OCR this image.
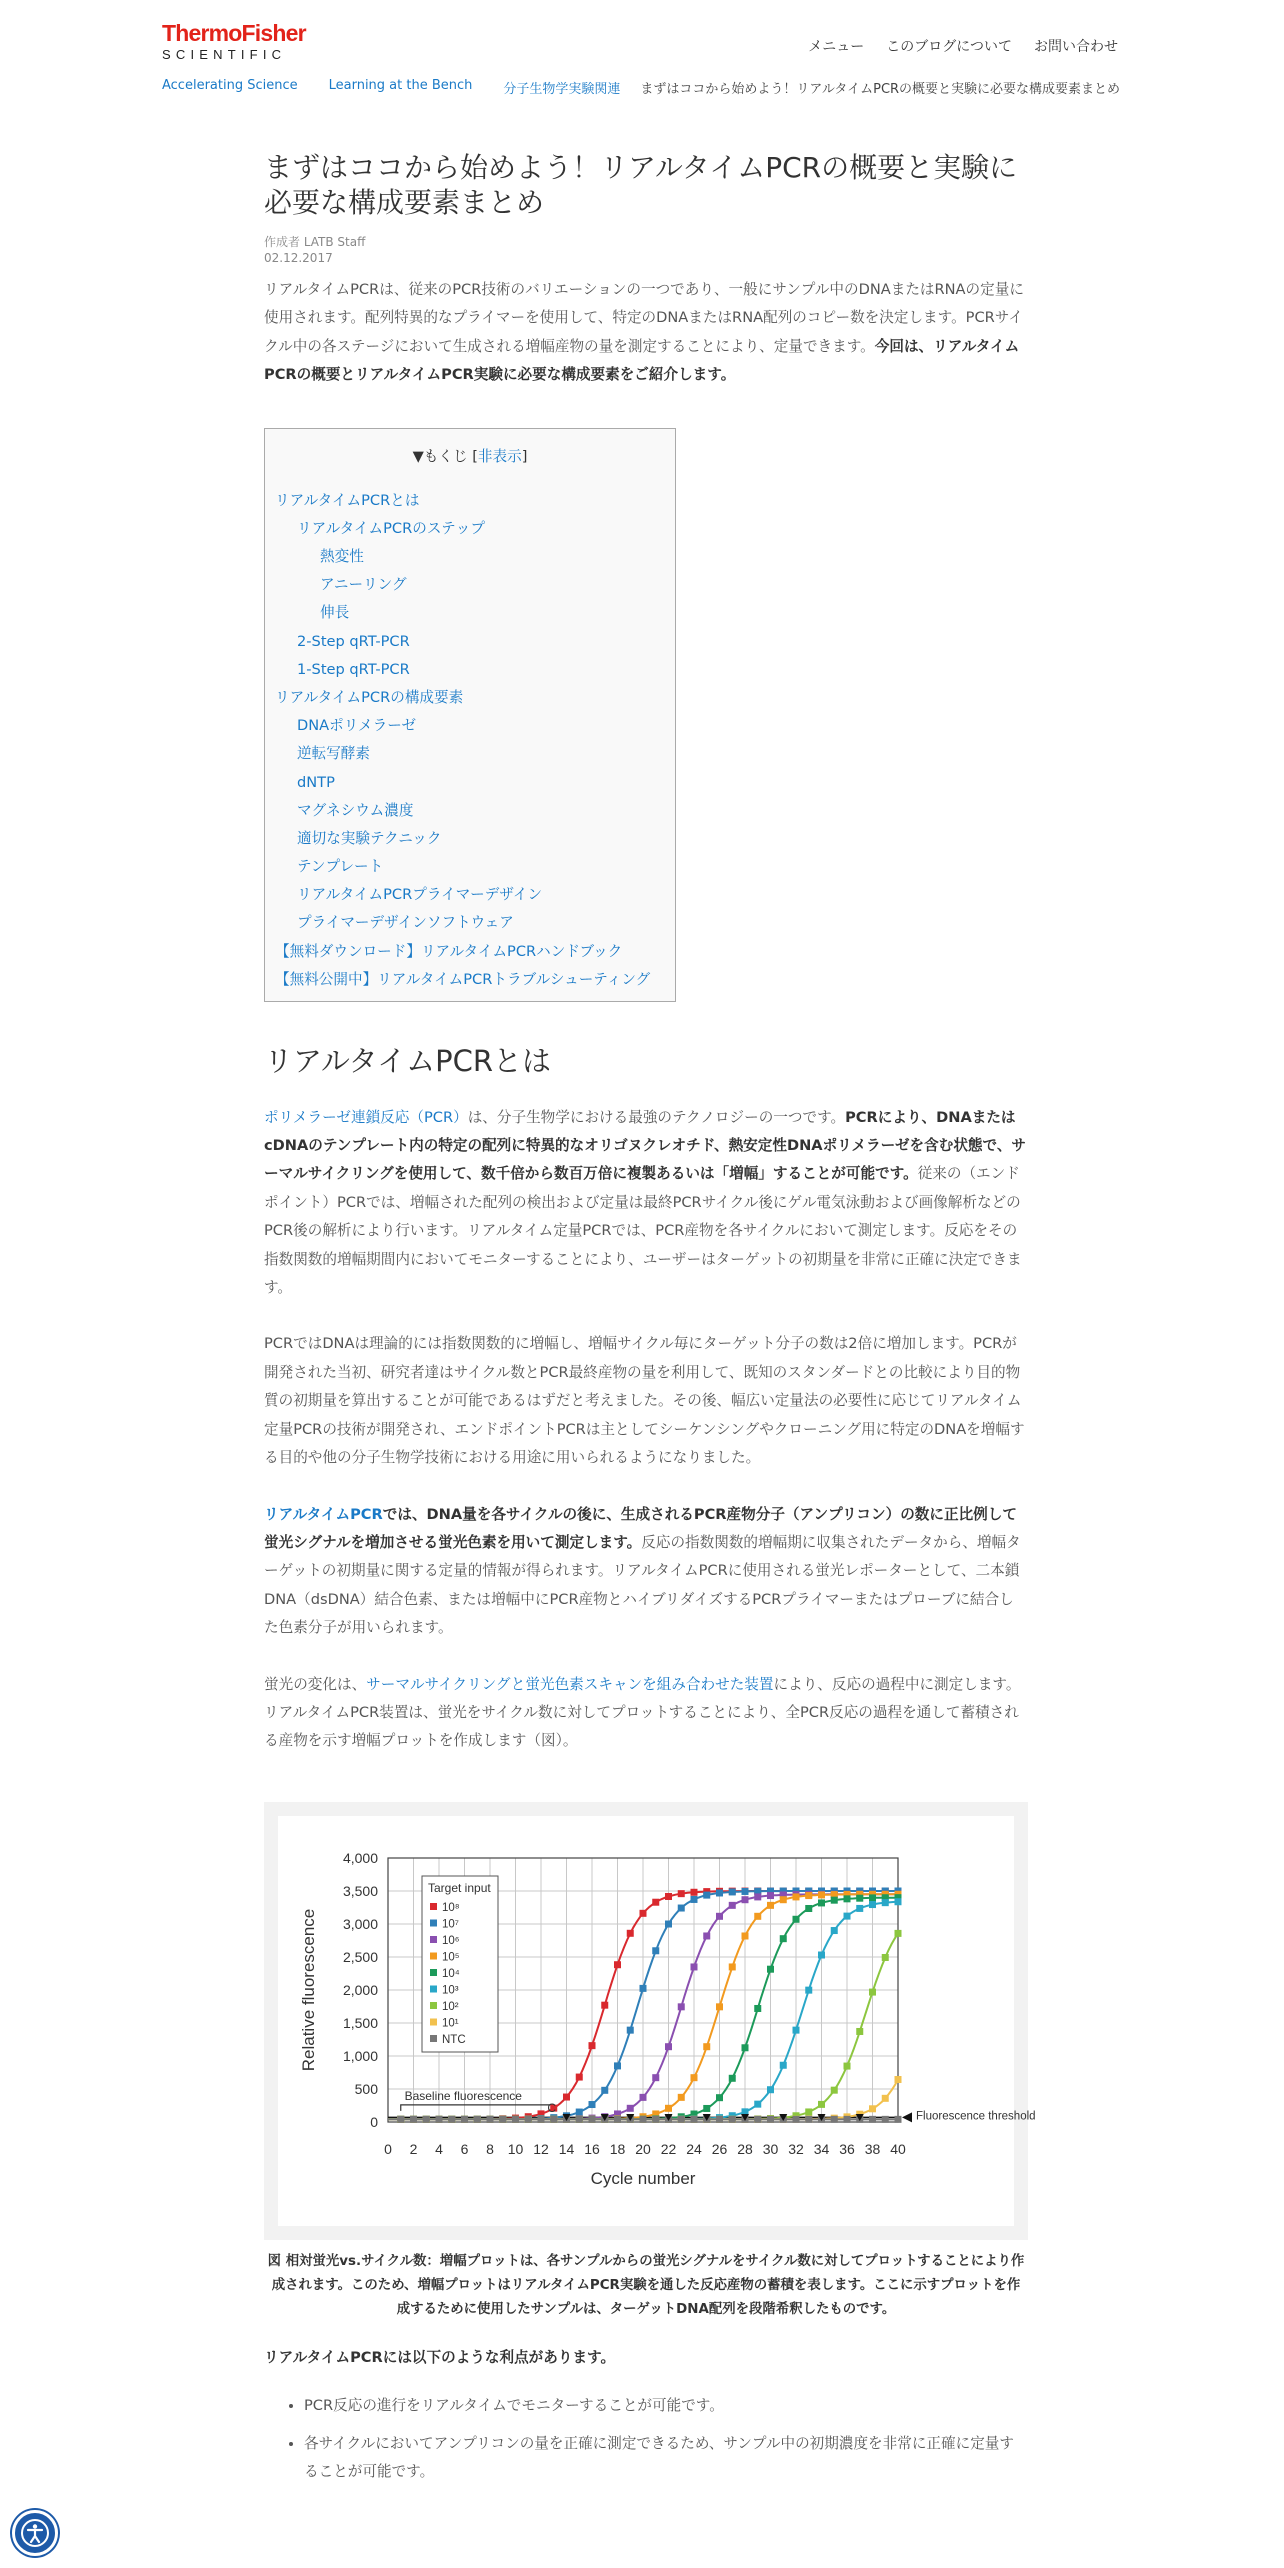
ThermoFisher
SCIENTIFIC	メニュー このブログについて お問い合わせ
Accelerating Science Learning at the Bench 分子生物学実験関連 まずはココから始めよう！リアルタイムPCRの概要と実験に必要な構成要素まとめ
まずはココから始めよう！リアルタイムPCRの概要と実験に必要な構成要素まとめ
作成者 LATB Staff
02.12.2017

リアルタイムPCRは、従来のPCR技術のバリエーションの一つであり、一般にサンプル中のDNAまたはRNAの定量に使用されます。配列特異的なプライマーを使用して、特定のDNAまたはRNA配列のコピー数を決定します。PCRサイクル中の各ステージにおいて生成される増幅産物の量を測定することにより、定量できます。今回は、リアルタイムPCRの概要とリアルタイムPCR実験に必要な構成要素をご紹介します。

▼もくじ [非表示]
リアルタイムPCRとは
リアルタイムPCRのステップ
熱変性
アニーリング
伸長
2-Step qRT-PCR
1-Step qRT-PCR
リアルタイムPCRの構成要素
DNAポリメラーゼ
逆転写酵素
dNTP
マグネシウム濃度
適切な実験テクニック
テンプレート
リアルタイムPCRプライマーデザイン
プライマーデザインソフトウェア
【無料ダウンロード】リアルタイムPCRハンドブック
【無料公開中】リアルタイムPCRトラブルシューティング
リアルタイムPCRとは

ポリメラーゼ連鎖反応（PCR）は、分子生物学における最強のテクノロジーの一つです。PCRにより、DNAまたはcDNAのテンプレート内の特定の配列に特異的なオリゴヌクレオチド、熱安定性DNAポリメラーゼを含む状態で、サーマルサイクリングを使用して、数千倍から数百万倍に複製あるいは「増幅」することが可能です。従来の（エンドポイント）PCRでは、増幅された配列の検出および定量は最終PCRサイクル後にゲル電気泳動および画像解析などのPCR後の解析により行います。リアルタイム定量PCRでは、PCR産物を各サイクルにおいて測定します。反応をその指数関数的増幅期間内においてモニターすることにより、ユーザーはターゲットの初期量を非常に正確に決定できます。

PCRではDNAは理論的には指数関数的に増幅し、増幅サイクル毎にターゲット分子の数は2倍に増加します。PCRが開発された当初、研究者達はサイクル数とPCR最終産物の量を利用して、既知のスタンダードとの比較により目的物質の初期量を算出することが可能であるはずだと考えました。その後、幅広い定量法の必要性に応じてリアルタイム定量PCRの技術が開発され、エンドポイントPCRは主としてシーケンシングやクローニング用に特定のDNAを増幅する目的や他の分子生物学技術における用途に用いられるようになりました。

リアルタイムPCRでは、DNA量を各サイクルの後に、生成されるPCR産物分子（アンプリコン）の数に正比例して蛍光シグナルを増加させる蛍光色素を用いて測定します。反応の指数関数的増幅期に収集されたデータから、増幅ターゲットの初期量に関する定量的情報が得られます。リアルタイムPCRに使用される蛍光レポーターとして、二本鎖DNA（dsDNA）結合色素、または増幅中にPCR産物とハイブリダイズするPCRプライマーまたはプローブに結合した色素分子が用いられます。

蛍光の変化は、サーマルサイクリングと蛍光色素スキャンを組み合わせた装置により、反応の過程中に測定します。リアルタイムPCR装置は、蛍光をサイクル数に対してプロットすることにより、全PCR反応の過程を通して蓄積される産物を示す増幅プロットを作成します（図）。

0 2 4 6 8 10 12 14 16 18 20 22 24 26 28 30 32 34 36 38 40
0
500
1,000
1,500
2,000
2,500
3,000
3,500
4,000
Cycle number
Relative fluorescence
Baseline fluorescence
Fluorescence threshold
C
Target input
10⁸
10⁷
10⁶
10⁵
10⁴
10³
10²
10¹
NTC

図 相対蛍光vs.サイクル数：増幅プロットは、各サンプルからの蛍光シグナルをサイクル数に対してプロットすることにより作成されます。このため、増幅プロットはリアルタイムPCR実験を通した反応産物の蓄積を表します。ここに示すプロットを作成するために使用したサンプルは、ターゲットDNA配列を段階希釈したものです。

リアルタイムPCRには以下のような利点があります。

• PCR反応の進行をリアルタイムでモニターすることが可能です。
• 各サイクルにおいてアンプリコンの量を正確に測定できるため、サンプル中の初期濃度を非常に正確に定量することが可能です。
